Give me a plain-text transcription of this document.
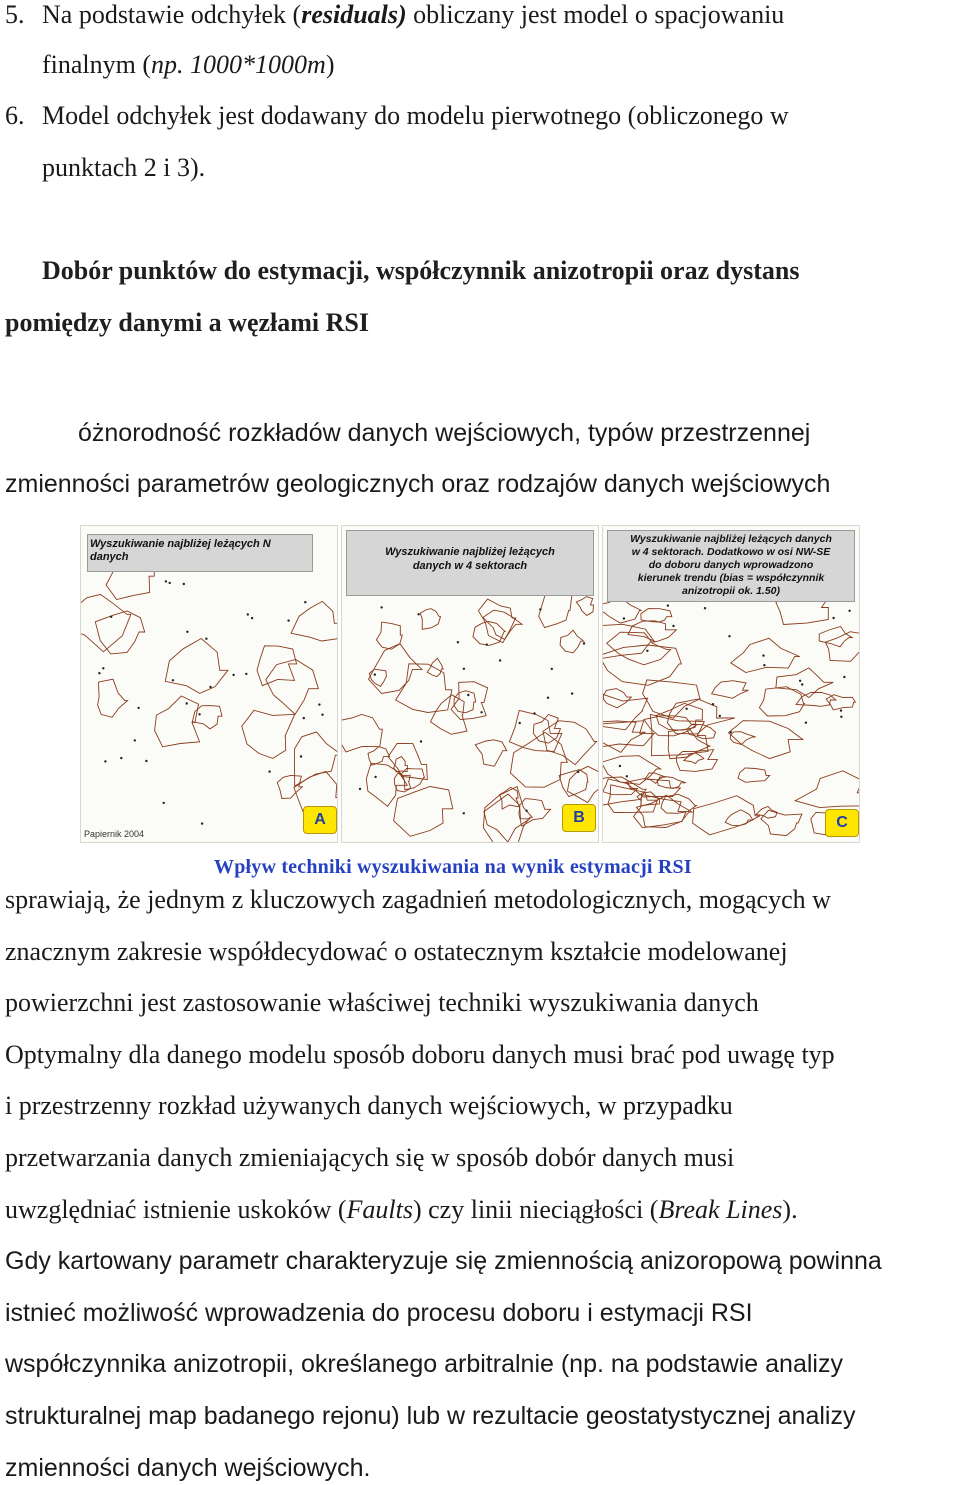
5. Na podstawie odchyłek (residuals) obliczany jest model o spacjowaniu
finalnym (np. 1000*1000m)
6. Model odchyłek jest dodawany do modelu pierwotnego (obliczonego w
punktach 2 i 3).
Dobór punktów do estymacji, współczynnik anizotropii oraz dystans
pomiędzy danymi a węzłami RSI
óżnorodność rozkładów danych wejściowych, typów przestrzennej
zmienności parametrów geologicznych oraz rodzajów danych wejściowych
Wyszukiwanie najbliżej leżących N
danych
A
Papiernik 2004
Wyszukiwanie najbliżej leżących
danych w 4 sektorach
B
Wyszukiwanie najbliżej leżących danych
w 4 sektorach. Dodatkowo w osi NW-SE
do doboru danych wprowadzono
kierunek trendu (bias = współczynnik
anizotropii ok. 1.50)
C
Wpływ techniki wyszukiwania na wynik estymacji RSI
sprawiają, że jednym z kluczowych zagadnień metodologicznych, mogących w
znacznym zakresie współdecydować o ostatecznym kształcie modelowanej
powierzchni jest zastosowanie właściwej techniki wyszukiwania danych
Optymalny dla danego modelu sposób doboru danych musi brać pod uwagę typ
i przestrzenny rozkład używanych danych wejściowych, w przypadku
przetwarzania danych zmieniających się w sposób dobór danych musi
uwzględniać istnienie uskoków (Faults) czy linii nieciągłości (Break Lines).
Gdy kartowany parametr charakteryzuje się zmiennością anizoropową powinna
istnieć możliwość wprowadzenia do procesu doboru i estymacji RSI
współczynnika anizotropii, określanego arbitralnie (np. na podstawie analizy
strukturalnej map badanego rejonu) lub w rezultacie geostatystycznej analizy
zmienności danych wejściowych.
